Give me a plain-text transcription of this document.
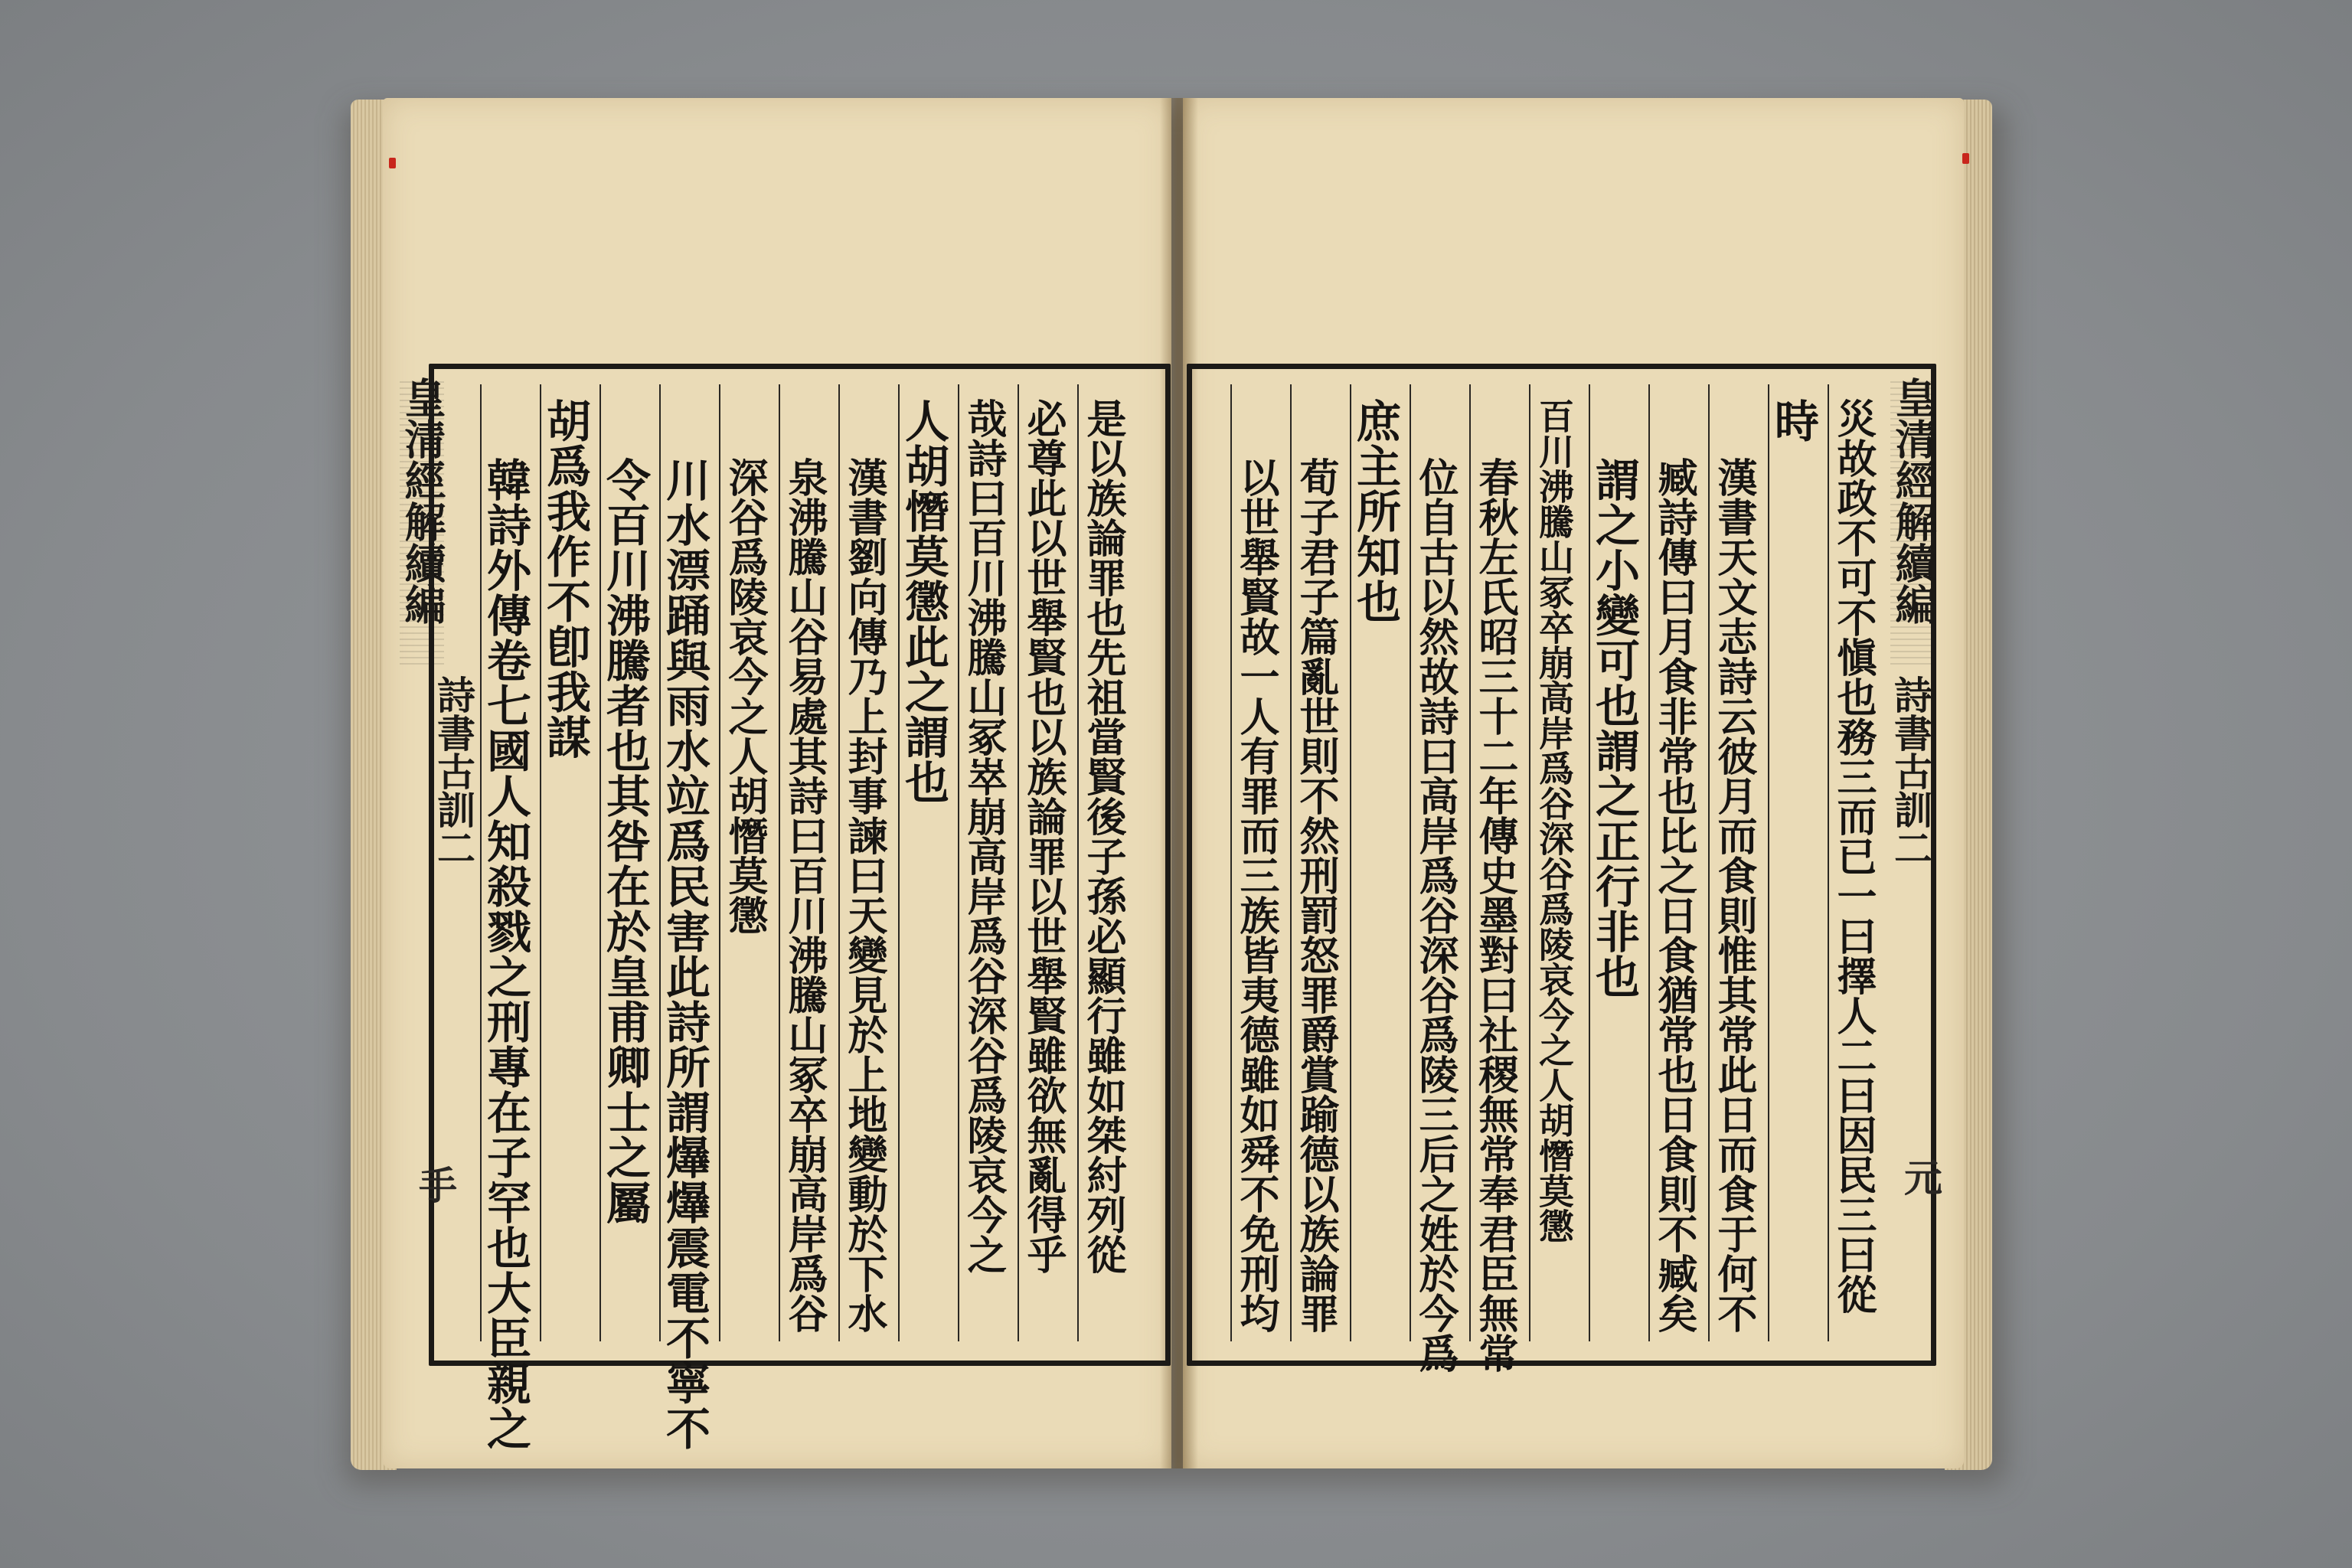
皇清經解續編
詩書古訓二
手 韓詩外傳卷七國人知殺戮之刑專在子罕也大臣親之 胡爲我作不卽我謀 令百川沸騰者也其咎在於皇甫卿士之屬 川水漂踊與雨水竝爲民害此詩所謂爗爗震電不寧不 深谷爲陵哀今之人胡憯莫懲 泉沸騰山谷易處其詩曰百川沸騰山冢卒崩高岸爲谷 漢書劉向傳乃上封事諫曰天變見於上地變動於下水 人胡憯莫懲此之謂也 哉詩曰百川沸騰山冢崒崩高岸爲谷深谷爲陵哀今之 必尊此以世舉賢也以族論罪以世舉賢雖欲無亂得乎 是以族論罪也先祖當賢後子孫必顯行雖如桀紂列從	以世舉賢故一人有罪而三族皆夷德雖如舜不免刑均 荀子君子篇亂世則不然刑罰怒罪爵賞踰德以族論罪 庶主所知也 位自古以然故詩曰高岸爲谷深谷爲陵三后之姓於今爲 春秋左氏昭三十二年傳史墨對曰社稷無常奉君臣無常 百川沸騰山冢卒崩高岸爲谷深谷爲陵哀今之人胡憯莫懲 謂之小變可也謂之正行非也 臧詩傳曰月食非常也比之日食猶常也日食則不臧矣 漢書天文志詩云彼月而食則惟其常此日而食于何不
時 災故政不可不愼也務三而已一曰擇人二曰因民三曰從 皇清經解續編
詩書古訓二
元
